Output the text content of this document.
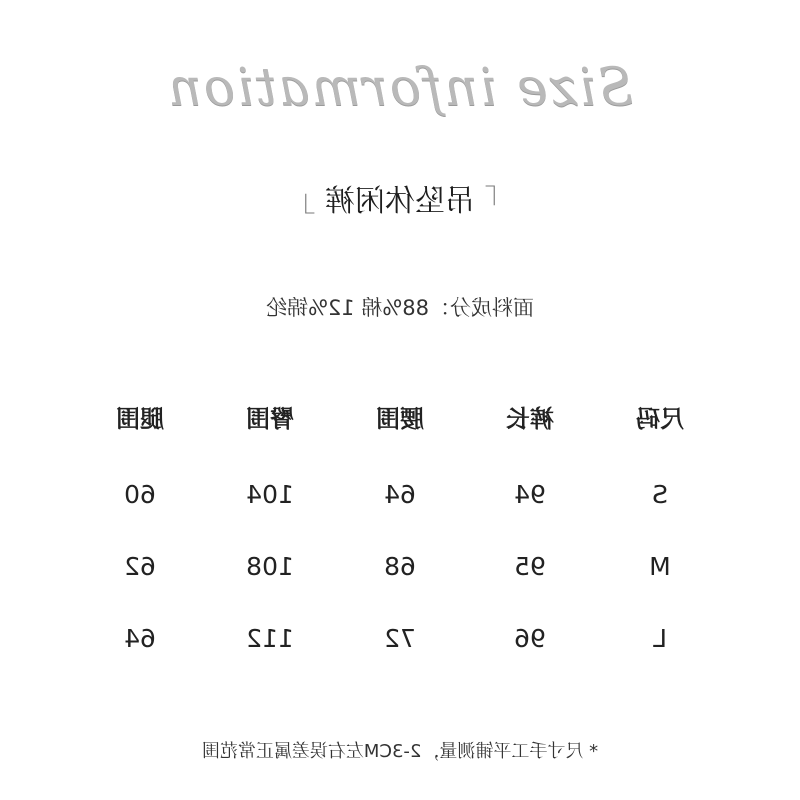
Size information
「 吊坠休闲裤 」
面料成分：88%棉 12%锦纶
尺码
裤长
腰围
臀围
腿围
S
94
64
104
60
M
95
68
108
62
L
96
72
112
64
* 尺寸手工平铺测量，2-3CM左右误差属正常范围
